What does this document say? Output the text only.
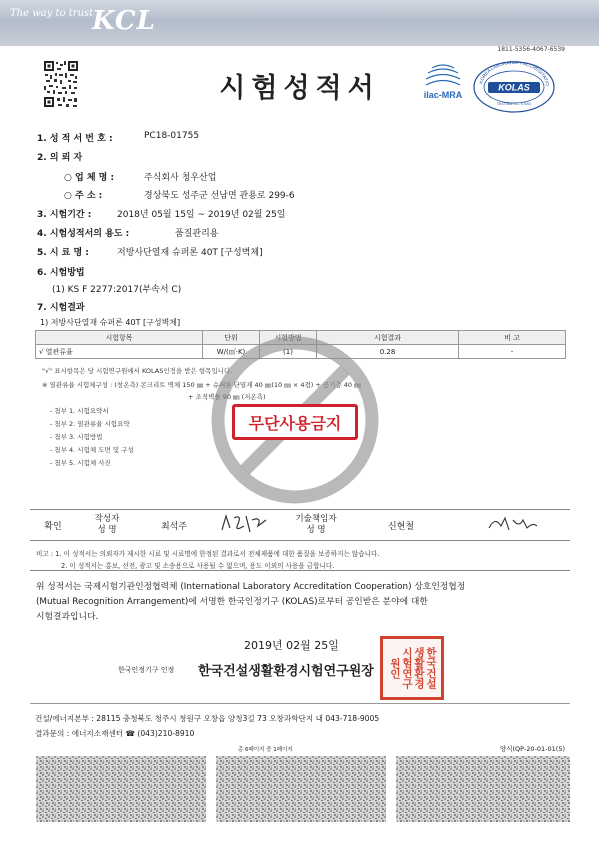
The way to trust
KCL
1811-5356-4067-6539
시험성적서	ilac-MRA
KOREA LABORATORY ACCREDITATIO
KOLAS
TESTING NO. KT001
1. 성 적 서 번 호 :	PC18-01755
2. 의 뢰 자
○ 업 체 명 :	주식회사 청우산업
○ 주 소 :	경상북도 성주군 선남면 관용로 299-6
3. 시험기간 :	2018년 05월 15일 ~ 2019년 02월 25일
4. 시험성적서의 용도 :	품질관리용
5. 시 료 명 :	저방사단열재 슈퍼론 40T [구성벽체]
6. 시험방법
(1) KS F 2277:2017(부속서 C)
7. 시험결과
1) 저방사단열재 슈퍼론 40T [구성벽체]
시험항목	단위	시험방법	시험결과	비 고
√ 열관류율	W/(㎡·K)	(1)	0.28	-
"√" 표시항목은 당 시험연구원에서 KOLAS인정을 받은 항목입니다.
※ 열관류율 시험체구성 : (창온측) 콘크리트 벽체 150 ㎜ + 슈퍼론 단열재 40 ㎜(10 ㎜ × 4겹) + 공기층 40 ㎜
+ 조적벽돌 90 ㎜ (저온측)
- 첨부 1. 시험요약서
- 첨부 2. 열관류율 시험요약
- 첨부 3. 시험방법
- 첨부 4. 시험체 도면 및 구성
- 첨부 5. 시험체 사진
무단사용금지
확인	
작성자
성 명	최석주		
기술책임자
성 명	신현철	
비고 : 1. 이 성적서는 의뢰자가 제시한 시료 및 시료명에 한정된 결과로서 전체제품에 대한 품질을 보증하지는 않습니다.
2. 이 성적서는 홍보, 선전, 광고 및 소송용으로 사용될 수 없으며, 용도 이외의 사용을 금합니다.
위 성적서는 국제시험기관인정협력체 (International Laboratory Accreditation Cooperation) 상호인정협정
(Mutual Recognition Arrangement)에 서명한 한국인정기구 (KOLAS)로부터 공인받은 분야에 대한
시험결과입니다.
2019년 02월 25일
한국인정기구 인정 한국건설생활환경시험연구원장	한국건설생활환경시험연구원인
건설/에너지본부 : 28115 충청북도 청주시 청원구 오창읍 양청3길 73 오창과학단지 내 043-718-9005
결과문의 : 에너지소재센터 ☎ (043)210-8910
총 6페이지 중 1페이지	양식(QP-20-01-01(5)
